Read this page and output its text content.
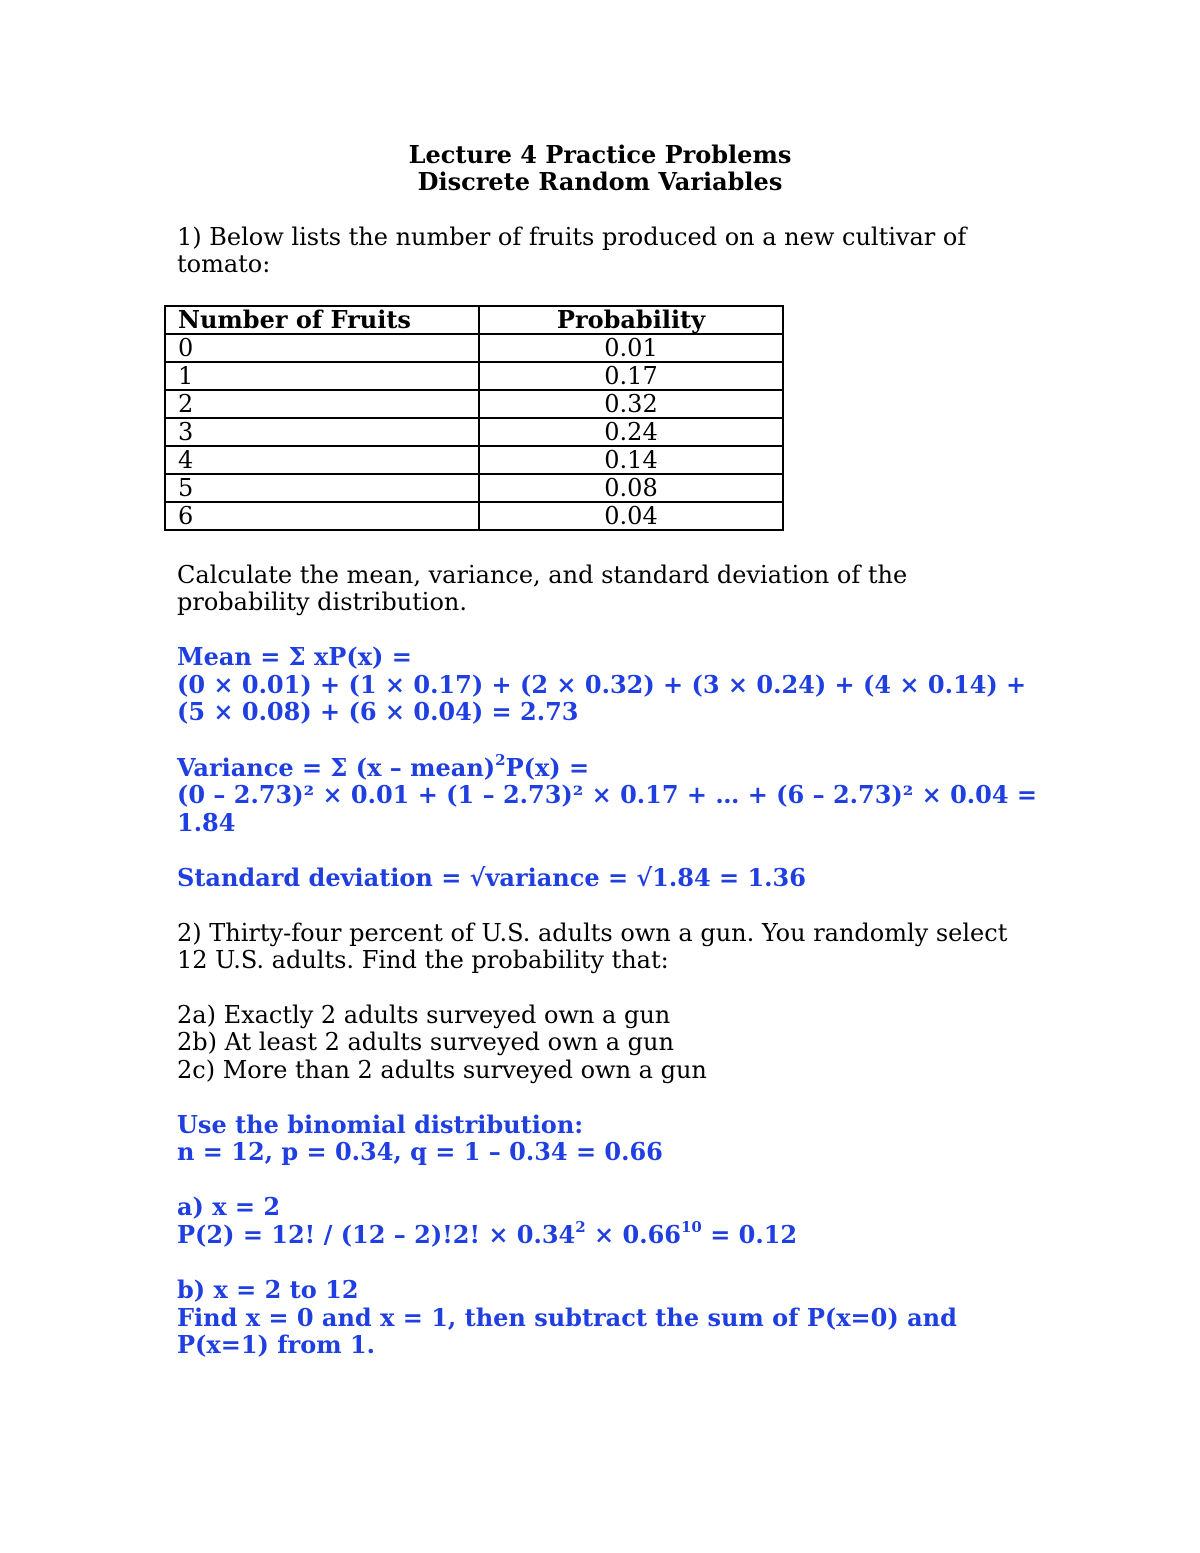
Lecture 4 Practice Problems
Discrete Random Variables
1) Below lists the number of fruits produced on a new cultivar of
tomato:
Number of Fruits	Probability
0	0.01
1	0.17
2	0.32
3	0.24
4	0.14
5	0.08
6	0.04
Calculate the mean, variance, and standard deviation of the
probability distribution.
Mean = Σ xP(x) =
(0 × 0.01) + (1 × 0.17) + (2 × 0.32) + (3 × 0.24) + (4 × 0.14) +
(5 × 0.08) + (6 × 0.04) = 2.73
Variance = Σ (x – mean)$^2$P(x) =
(0 – 2.73)² × 0.01 + (1 – 2.73)² × 0.17 + … + (6 – 2.73)² × 0.04 =
1.84
Standard deviation = √variance = √1.84 = 1.36
2) Thirty-four percent of U.S. adults own a gun. You randomly select
12 U.S. adults. Find the probability that:
2a) Exactly 2 adults surveyed own a gun
2b) At least 2 adults surveyed own a gun
2c) More than 2 adults surveyed own a gun
Use the binomial distribution:
n = 12, p = 0.34, q = 1 – 0.34 = 0.66
a) x = 2
P(2) = 12! / (12 – 2)!2! × $0.34^2 \times 0.66^{10} = 0.12$
b) x = 2 to 12
Find x = 0 and x = 1, then subtract the sum of P(x=0) and
P(x=1) from 1.
